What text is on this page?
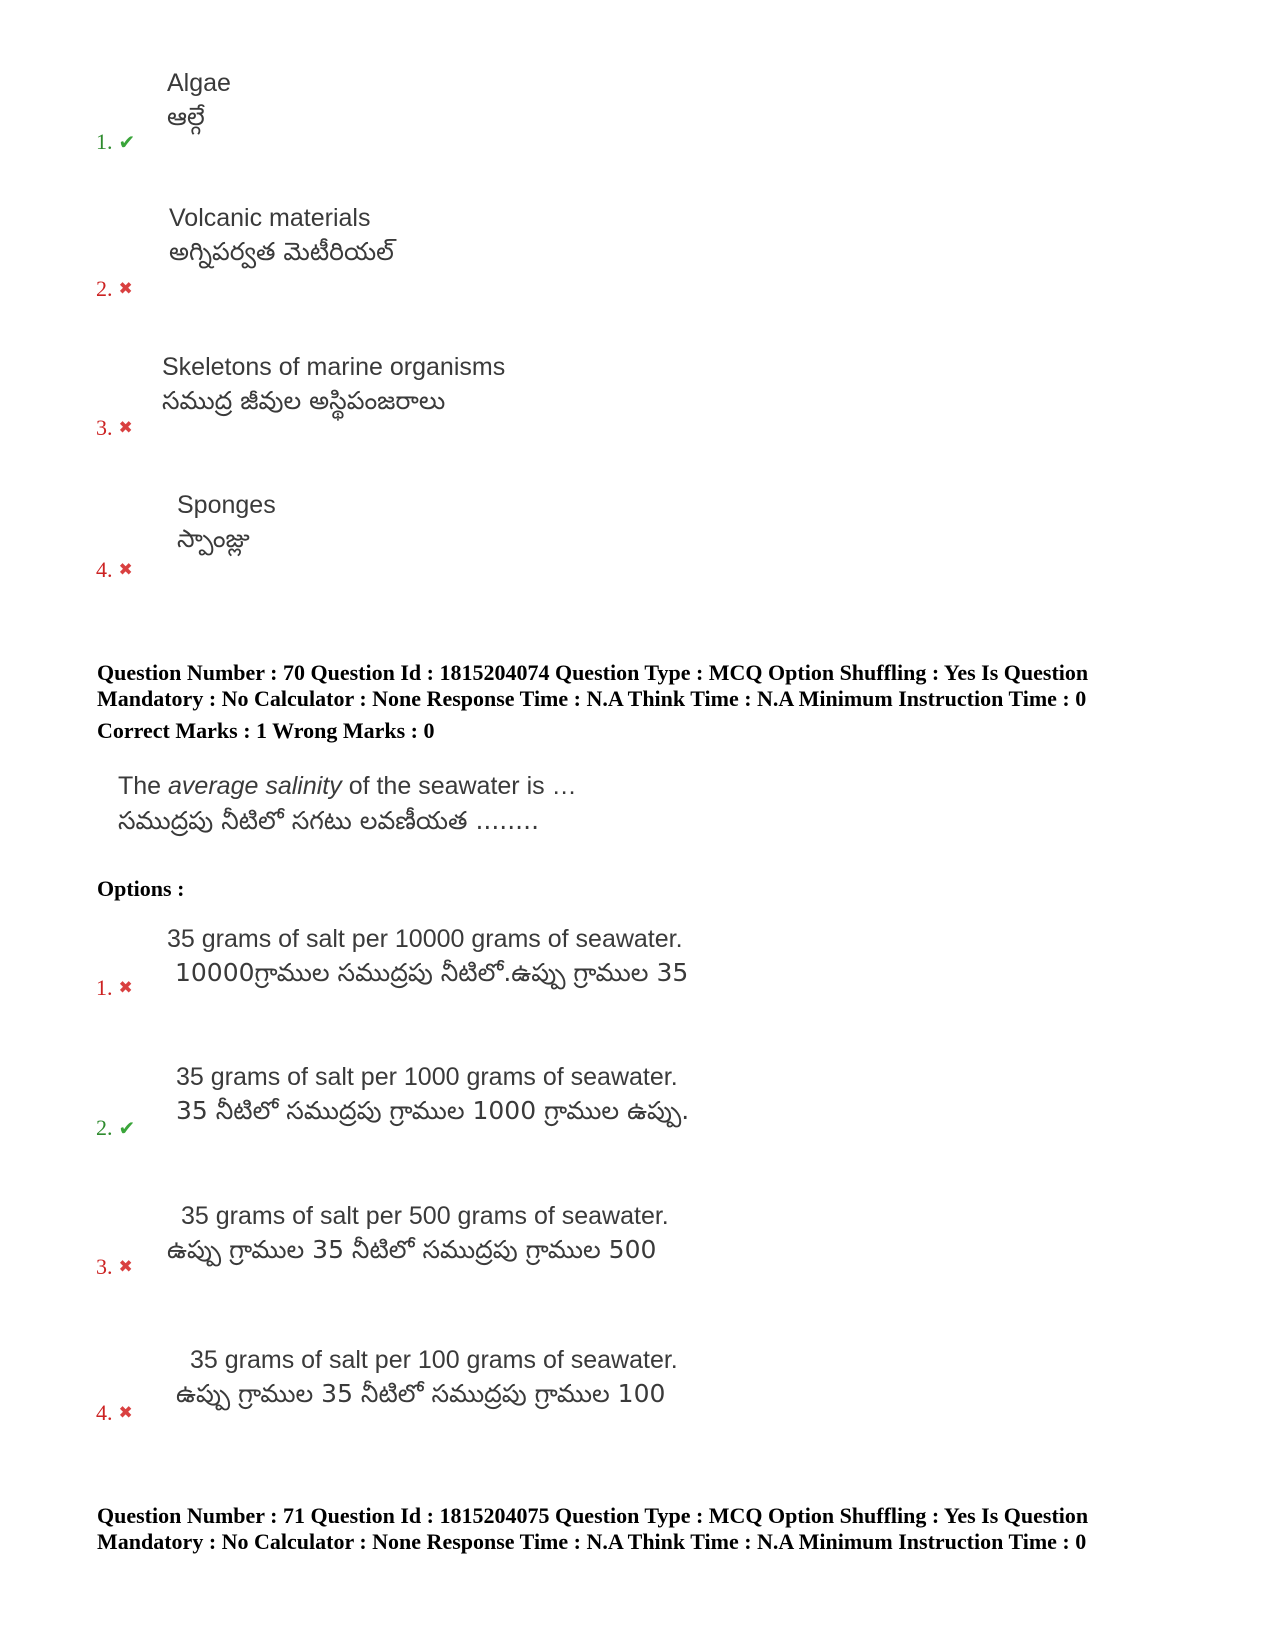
Algae
ఆల్గే
1. ✔
Volcanic materials
అగ్నిపర్వత మెటీరియల్
2. ✖
Skeletons of marine organisms
సముద్ర జీవుల అస్థిపంజరాలు
3. ✖
Sponges
స్పాంజ్లు
4. ✖
Question Number : 70 Question Id : 1815204074 Question Type : MCQ Option Shuffling : Yes Is Question
Mandatory : No Calculator : None Response Time : N.A Think Time : N.A Minimum Instruction Time : 0
Correct Marks : 1 Wrong Marks : 0
The average salinity of the seawater is …
సముద్రపు నీటిలో సగటు లవణీయత ........
Options :
35 grams of salt per 10000 grams of seawater.
10000గ్రాముల సముద్రపు నీటిలో.ఉప్పు గ్రాముల 35
1. ✖
35 grams of salt per 1000 grams of seawater.
35 నీటిలో సముద్రపు గ్రాముల 1000 గ్రాముల ఉప్పు.
2. ✔
35 grams of salt per 500 grams of seawater.
ఉప్పు గ్రాముల 35 నీటిలో సముద్రపు గ్రాముల 500
3. ✖
35 grams of salt per 100 grams of seawater.
ఉప్పు గ్రాముల 35 నీటిలో సముద్రపు గ్రాముల 100
4. ✖
Question Number : 71 Question Id : 1815204075 Question Type : MCQ Option Shuffling : Yes Is Question
Mandatory : No Calculator : None Response Time : N.A Think Time : N.A Minimum Instruction Time : 0
